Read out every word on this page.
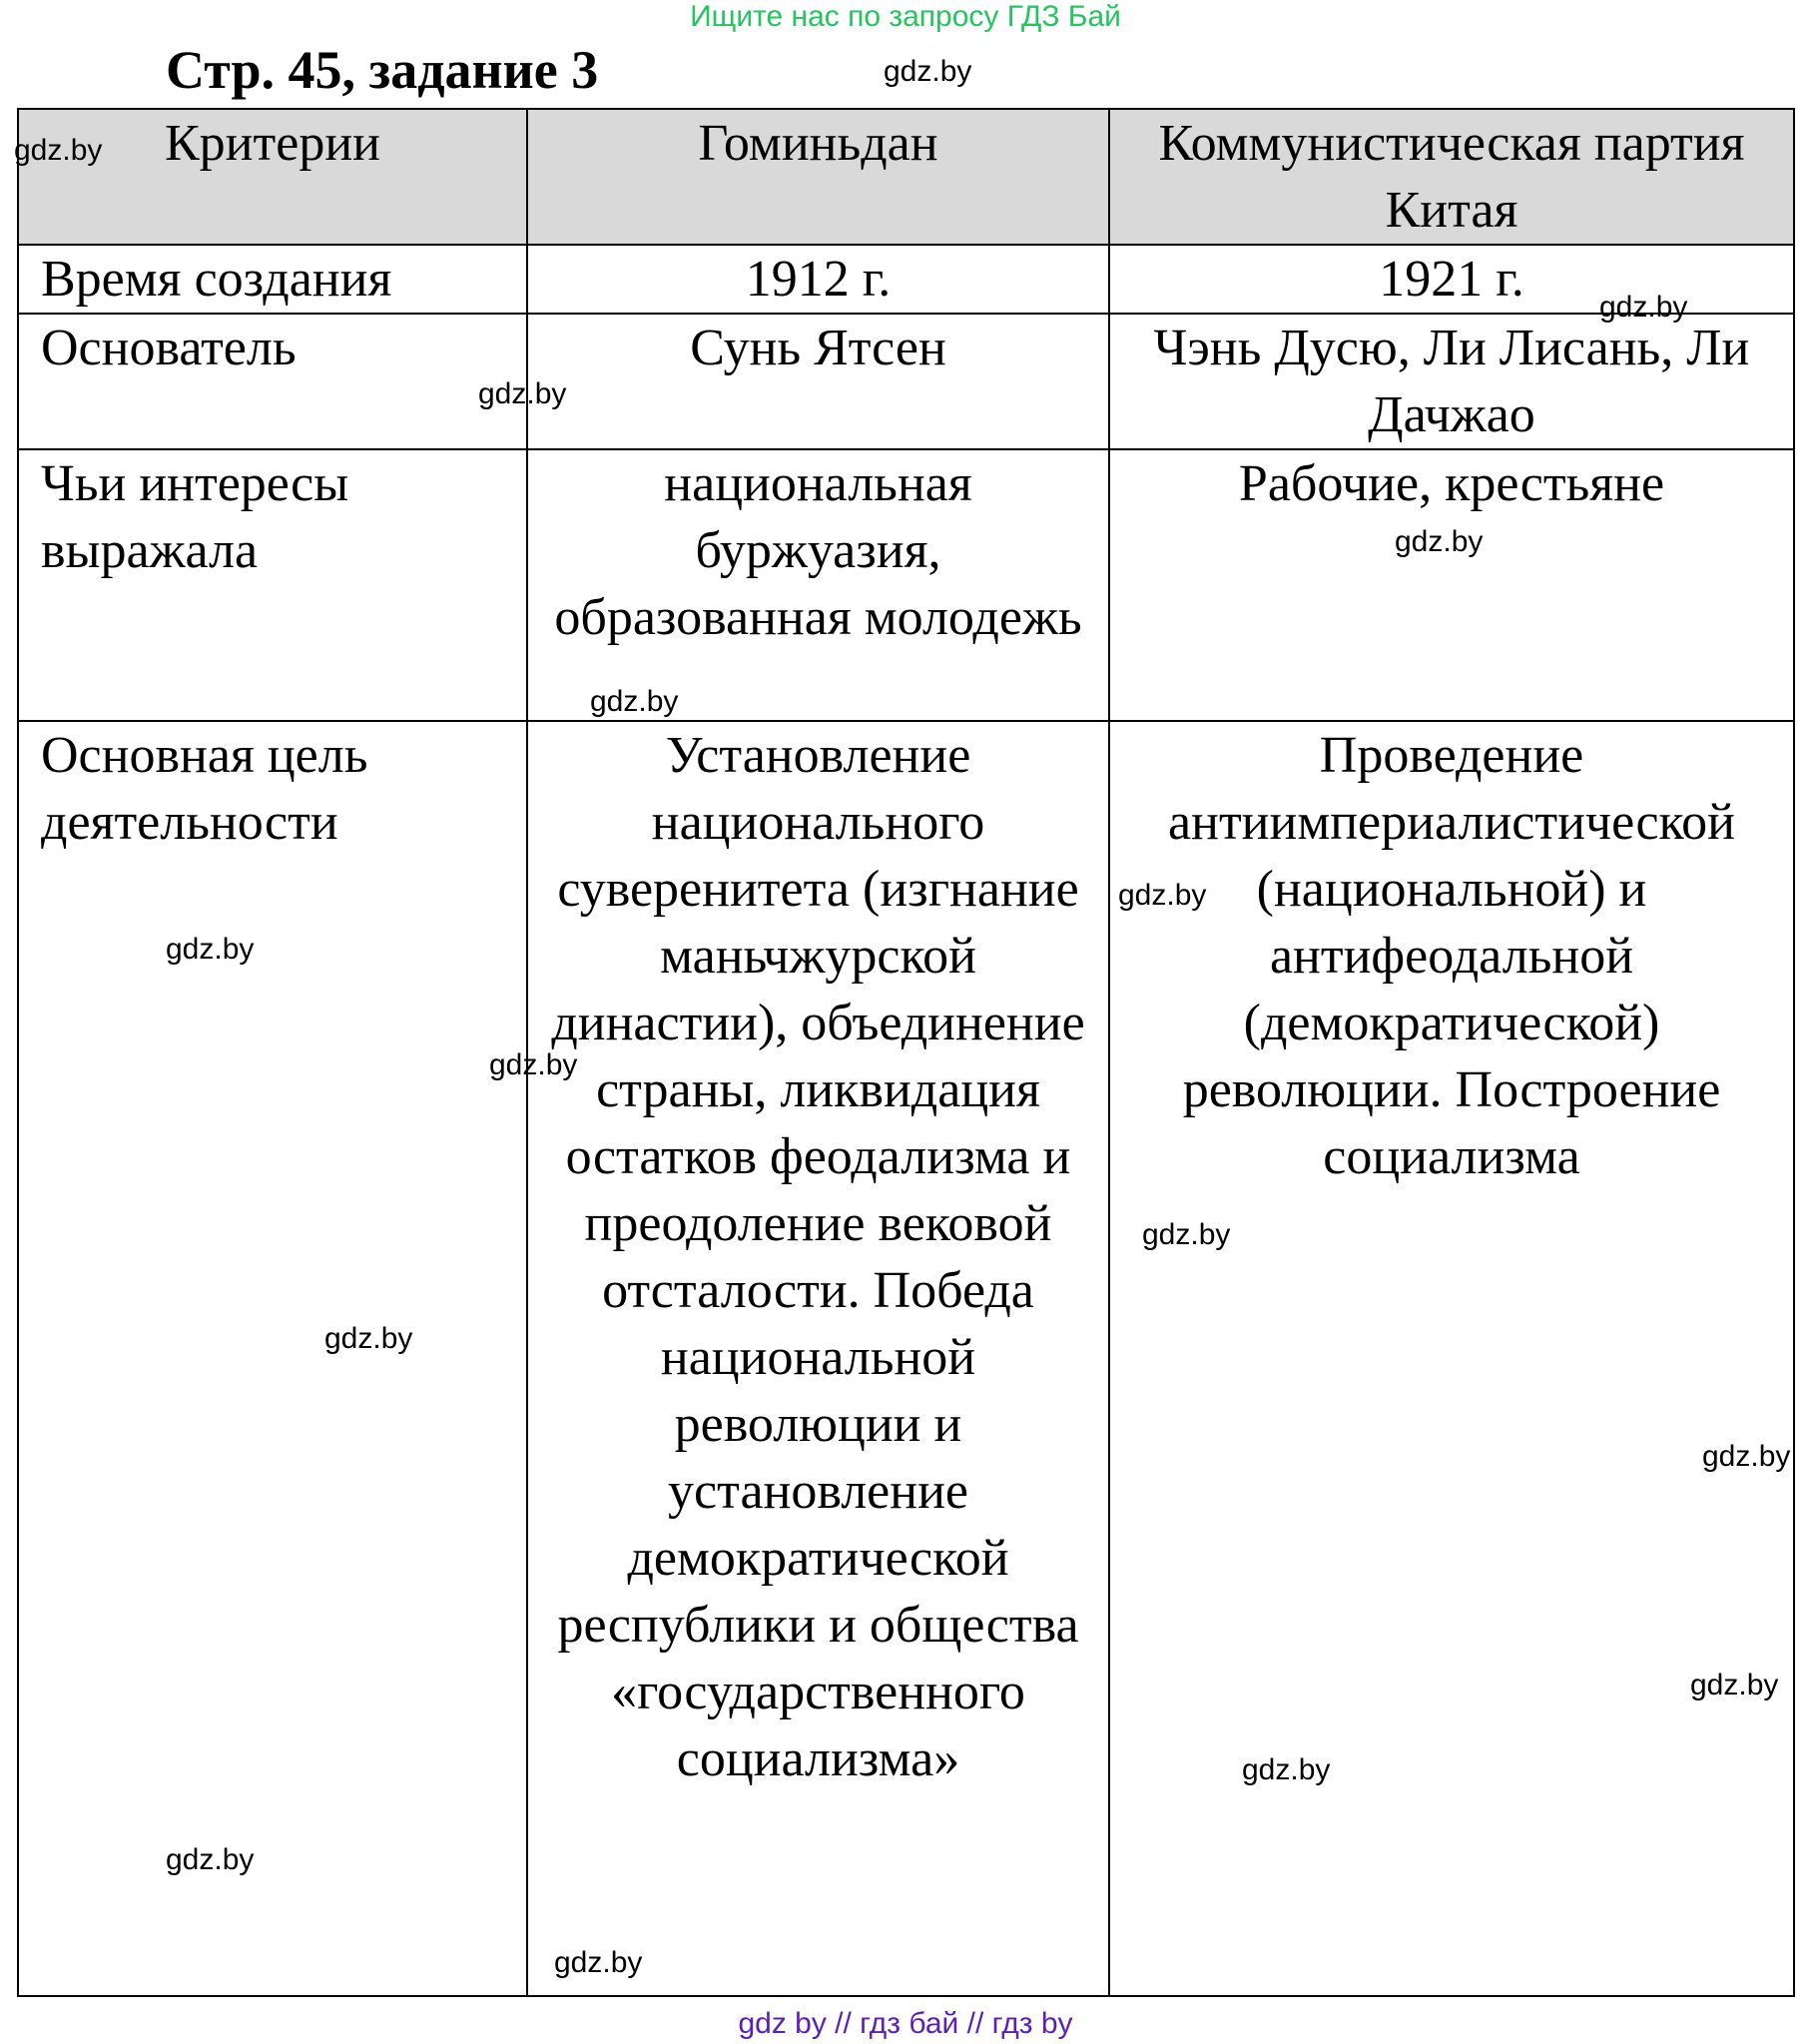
Ищите нас по запросу ГДЗ Бай
Стр. 45, задание 3
Критерии	Гоминьдан	Коммунистическая партия Китая
Время создания	1912 г.	1921 г.
Основатель	Сунь Ятсен	Чэнь Дусю, Ли Лисань, Ли Дачжао
Чьи интересы выражала	национальная буржуазия, образованная молодежь	Рабочие, крестьяне
Основная цель деятельности	Установление национального суверенитета (изгнание маньчжурской династии), объединение страны, ликвидация остатков феодализма и преодоление вековой отсталости. Победа национальной революции и установление демократической республики и общества «государственного социализма»	Проведение антиимпериалистической (национальной) и антифеодальной (демократической) революции. Построение социализма
gdz.by
gdz.by
gdz.by
gdz.by
gdz.by
gdz.by
gdz.by
gdz.by
gdz.by
gdz.by
gdz.by
gdz.by
gdz.by
gdz.by
gdz.by
gdz.by
gdz by // гдз бай // гдз by
